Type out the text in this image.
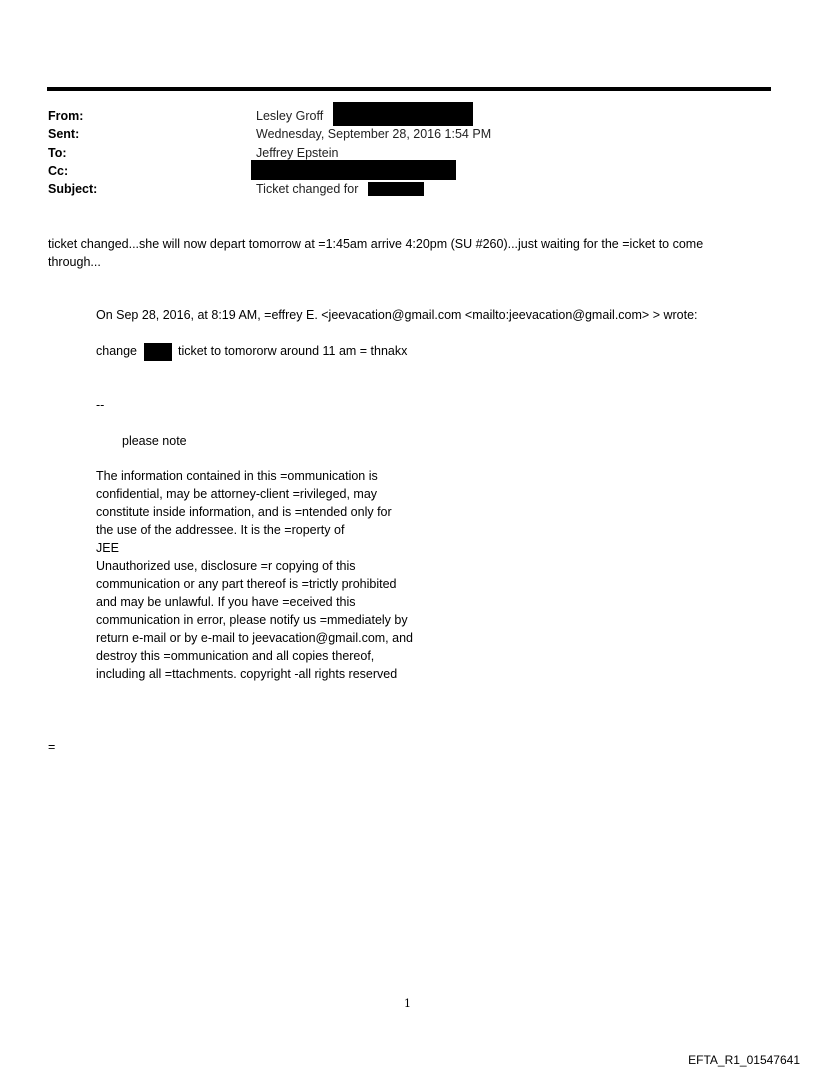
From:	Lesley Groff
Sent:	Wednesday, September 28, 2016 1:54 PM
To:	Jeffrey Epstein
Cc:
Subject:	Ticket changed for
ticket changed...she will now depart tomorrow at =1:45am arrive 4:20pm (SU #260)...just waiting for the =icket to come
through...
On Sep 28, 2016, at 8:19 AM, =effrey E. <jeevacation@gmail.com <mailto:jeevacation@gmail.com> > wrote:
change	ticket to tomororw around 11 am = thnakx
--
please note
The information contained in this =ommunication is
confidential, may be attorney-client =rivileged, may
constitute inside information, and is =ntended only for
the use of the addressee. It is the =roperty of
JEE
Unauthorized use, disclosure =r copying of this
communication or any part thereof is =trictly prohibited
and may be unlawful. If you have =eceived this
communication in error, please notify us =mmediately by
return e-mail or by e-mail to jeevacation@gmail.com, and
destroy this =ommunication and all copies thereof,
including all =ttachments. copyright -all rights reserved
=
1
EFTA_R1_01547641
